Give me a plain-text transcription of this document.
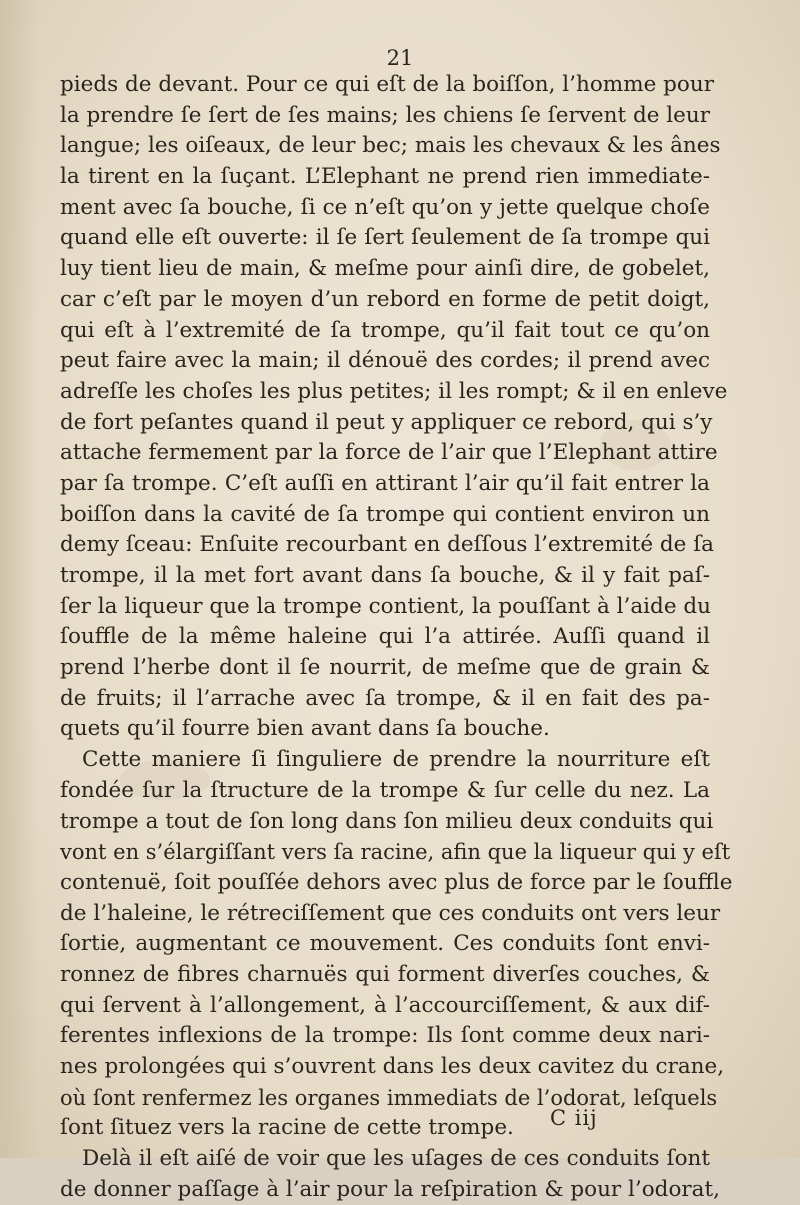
21
pieds de devant. Pour ce qui eſt de la boiſſon, l’homme pour
la prendre ſe ſert de ſes mains; les chiens ſe ſervent de leur
langue; les oiſeaux, de leur bec; mais les chevaux & les ânes
la tirent en la ſuçant. L’Elephant ne prend rien immediate-
ment avec ſa bouche, ſi ce n’eſt qu’on y jette quelque choſe
quand elle eſt ouverte: il ſe ſert ſeulement de ſa trompe qui
luy tient lieu de main, & meſme pour ainſi dire, de gobelet,
car c’eſt par le moyen d’un rebord en forme de petit doigt,
qui eſt à l’extremité de ſa trompe, qu’il fait tout ce qu’on
peut faire avec la main; il dénouë des cordes; il prend avec
adreſſe les choſes les plus petites; il les rompt; & il en enleve
de fort peſantes quand il peut y appliquer ce rebord, qui s’y
attache fermement par la force de l’air que l’Elephant attire
par ſa trompe. C’eſt auſſi en attirant l’air qu’il fait entrer la
boiſſon dans la cavité de ſa trompe qui contient environ un
demy ſceau: Enſuite recourbant en deſſous l’extremité de ſa
trompe, il la met fort avant dans ſa bouche, & il y fait paſ-
ſer la liqueur que la trompe contient, la pouſſant à l’aide du
ſouffle de la même haleine qui l’a attirée. Auſſi quand il
prend l’herbe dont il ſe nourrit, de meſme que de grain &
de fruits; il l’arrache avec ſa trompe, & il en fait des pa-
quets qu’il fourre bien avant dans ſa bouche.
Cette maniere ſi ſinguliere de prendre la nourriture eſt
fondée ſur la ſtructure de la trompe & ſur celle du nez. La
trompe a tout de ſon long dans ſon milieu deux conduits qui
vont en s’élargiſſant vers ſa racine, afin que la liqueur qui y eſt
contenuë, ſoit pouſſée dehors avec plus de force par le ſouffle
de l’haleine, le rétreciſſement que ces conduits ont vers leur
ſortie, augmentant ce mouvement. Ces conduits ſont envi-
ronnez de fibres charnuës qui forment diverſes couches, &
qui ſervent à l’allongement, à l’accourciſſement, & aux dif-
ferentes inflexions de la trompe: Ils ſont comme deux nari-
nes prolongées qui s’ouvrent dans les deux cavitez du crane,
où ſont renfermez les organes immediats de l’odorat, leſquels
ſont ſituez vers la racine de cette trompe.
Delà il eſt aiſé de voir que les uſages de ces conduits ſont
de donner paſſage à l’air pour la reſpiration & pour l’odorat,
C iij
